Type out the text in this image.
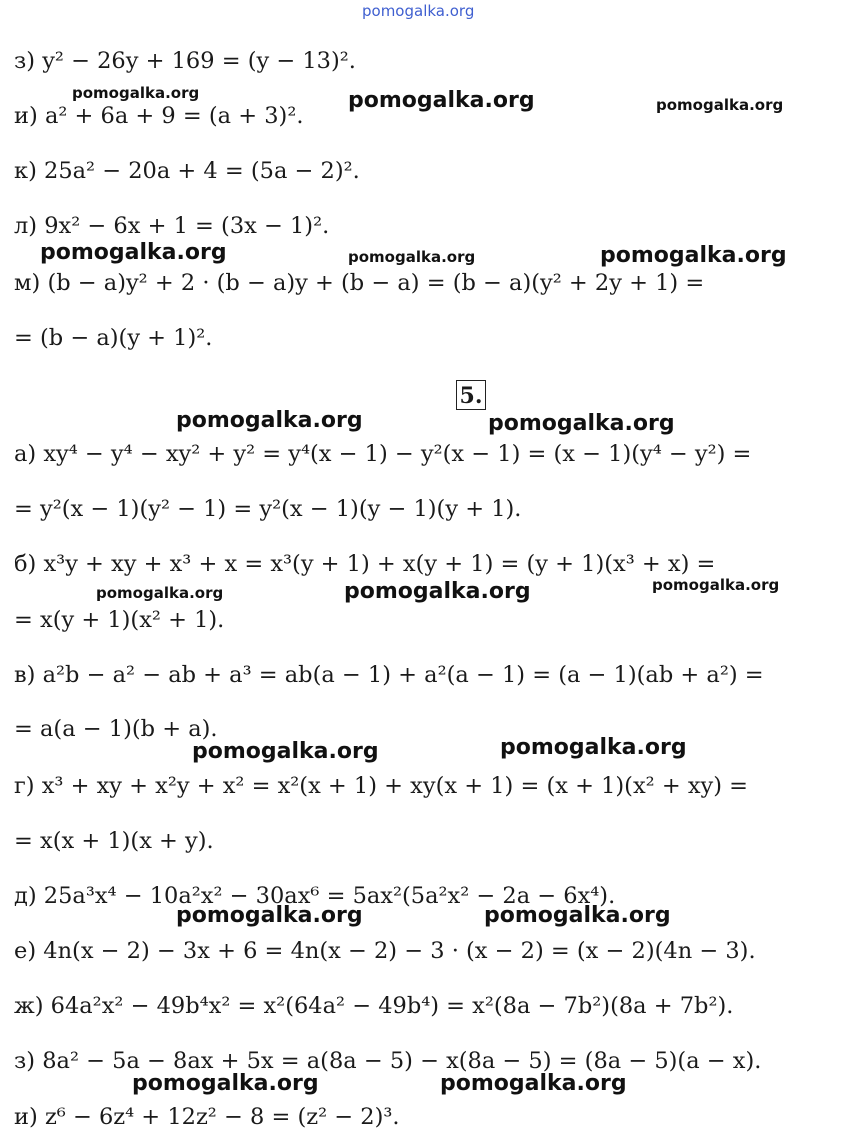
pomogalka.org
з) y² − 26y + 169 = (y − 13)².
и) a² + 6a + 9 = (a + 3)².
к) 25a² − 20a + 4 = (5a − 2)².
л) 9x² − 6x + 1 = (3x − 1)².
м) (b − a)y² + 2 · (b − a)y + (b − a) = (b − a)(y² + 2y + 1) =
= (b − a)(y + 1)².
5.
а) xy⁴ − y⁴ − xy² + y² = y⁴(x − 1) − y²(x − 1) = (x − 1)(y⁴ − y²) =
= y²(x − 1)(y² − 1) = y²(x − 1)(y − 1)(y + 1).
б) x³y + xy + x³ + x = x³(y + 1) + x(y + 1) = (y + 1)(x³ + x) =
= x(y + 1)(x² + 1).
в) a²b − a² − ab + a³ = ab(a − 1) + a²(a − 1) = (a − 1)(ab + a²) =
= a(a − 1)(b + a).
г) x³ + xy + x²y + x² = x²(x + 1) + xy(x + 1) = (x + 1)(x² + xy) =
= x(x + 1)(x + y).
д) 25a³x⁴ − 10a²x² − 30ax⁶ = 5ax²(5a²x² − 2a − 6x⁴).
е) 4n(x − 2) − 3x + 6 = 4n(x − 2) − 3 · (x − 2) = (x − 2)(4n − 3).
ж) 64a²x² − 49b⁴x² = x²(64a² − 49b⁴) = x²(8a − 7b²)(8a + 7b²).
з) 8a² − 5a − 8ax + 5x = a(8a − 5) − x(8a − 5) = (8a − 5)(a − x).
и) z⁶ − 6z⁴ + 12z² − 8 = (z² − 2)³.
pomogalka.org	pomogalka.org	pomogalka.org
pomogalka.org	pomogalka.org	pomogalka.org
pomogalka.org	pomogalka.org
pomogalka.org	pomogalka.org	pomogalka.org
pomogalka.org	pomogalka.org
pomogalka.org	pomogalka.org
pomogalka.org	pomogalka.org
